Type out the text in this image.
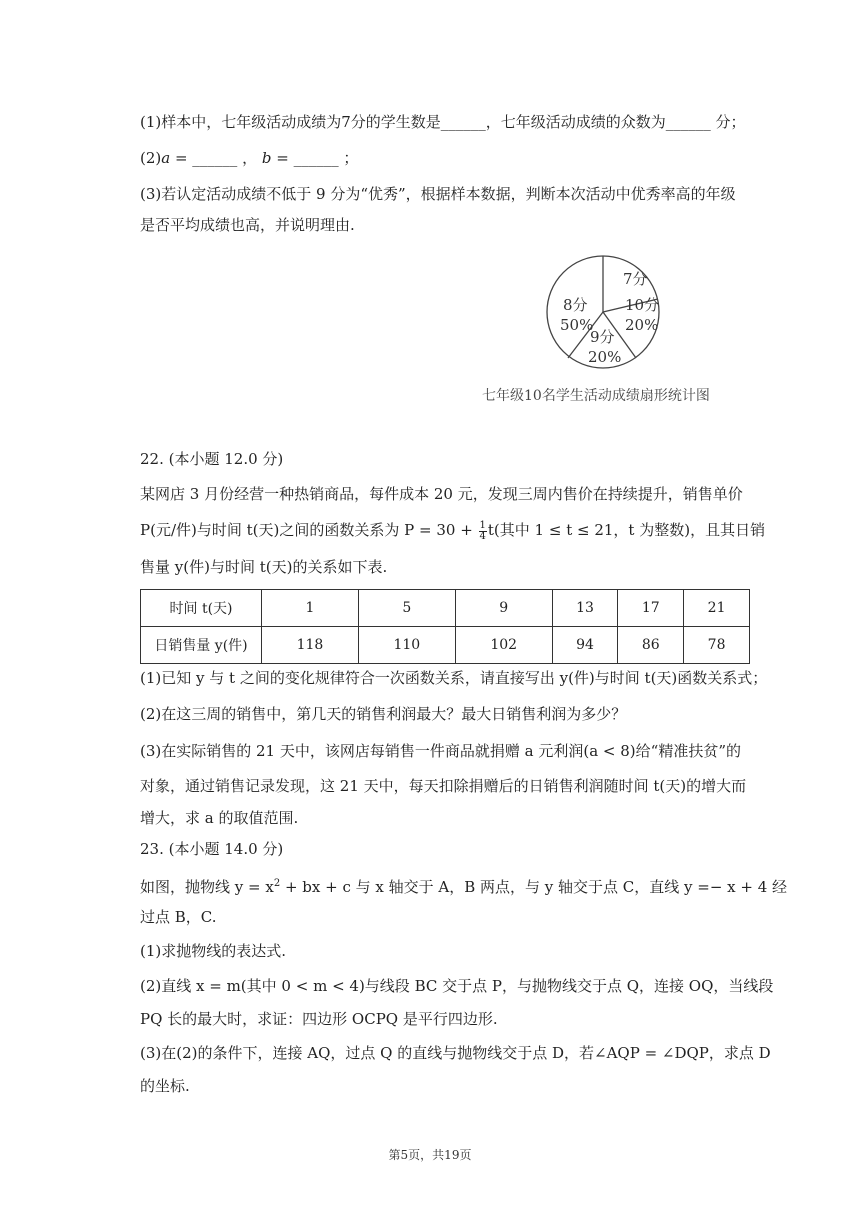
(1)样本中，七年级活动成绩为7分的学生数是______，七年级活动成绩的众数为______ 分；
(2)a = ______ ， b = ______ ；
(3)若认定活动成绩不低于 9 分为“优秀”，根据样本数据，判断本次活动中优秀率高的年级
是否平均成绩也高，并说明理由.
8分
50%
7分
10分
20%
9分
20%
七年级10名学生活动成绩扇形统计图
22. (本小题 12.0 分)
某网店 3 月份经营一种热销商品，每件成本 20 元，发现三周内售价在持续提升，销售单价
P(元/件)与时间 t(天)之间的函数关系为 $P = 30 + \frac{1}{4} t$(其中 1 ≤ t ≤ 21，t 为整数)，且其日销
售量 y(件)与时间 t(天)的关系如下表.
时间 t(天)	1	5	9	13	17	21
日销售量 y(件)	118	110	102	94	86	78
(1)已知 y 与 t 之间的变化规律符合一次函数关系，请直接写出 y(件)与时间 t(天)函数关系式；
(2)在这三周的销售中，第几天的销售利润最大？最大日销售利润为多少？
(3)在实际销售的 21 天中，该网店每销售一件商品就捐赠 a 元利润(a < 8)给“精准扶贫”的
对象，通过销售记录发现，这 21 天中，每天扣除捐赠后的日销售利润随时间 t(天)的增大而
增大，求 a 的取值范围.
23. (本小题 14.0 分)
如图，抛物线 $y = x^2$ + bx + c 与 x 轴交于 A，B 两点，与 y 轴交于点 C，直线 y =− x + 4 经
过点 B，C.
(1)求抛物线的表达式.
(2)直线 x = m(其中 0 < m < 4)与线段 BC 交于点 P，与抛物线交于点 Q，连接 OQ，当线段
PQ 长的最大时，求证：四边形 OCPQ 是平行四边形.
(3)在(2)的条件下，连接 AQ，过点 Q 的直线与抛物线交于点 D，若∠AQP = ∠DQP，求点 D
的坐标.
第5页，共19页
